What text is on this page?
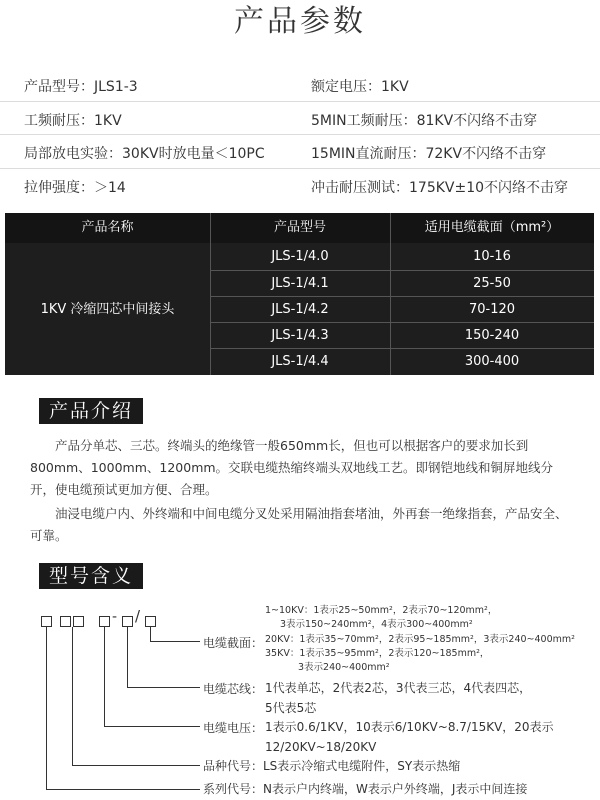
产品参数
产品型号：JLS1-3	额定电压：1KV
工频耐压：1KV	5MIN工频耐压：81KV不闪络不击穿
局部放电实验：30KV时放电量＜10PC	15MIN直流耐压：72KV不闪络不击穿
拉伸强度：＞14	冲击耐压测试：175KV±10不闪络不击穿
产品名称	产品型号	适用电缆截面（mm²）
1KV 冷缩四芯中间接头
JLS-1/4.0	10-16
JLS-1/4.1	25-50
JLS-1/4.2	70-120
JLS-1/4.3	150-240
JLS-1/4.4	300-400
产品介绍

产品分单芯、三芯。终端头的绝缘管一般650mm长，但也可以根据客户的要求加长到800mm、1000mm、1200mm。交联电缆热缩终端头双地线工艺。即钢铠地线和铜屏地线分开，使电缆预试更加方便、合理。

油浸电缆户内、外终端和中间电缆分叉处采用隔油指套堵油，外再套一绝缘指套，产品安全、可靠。

型号含义
- /
电缆截面：
1~10KV：1表示25~50mm²，2表示70~120mm²，
3表示150~240mm²，4表示300~400mm²
20KV：1表示35~70mm²，2表示95~185mm²，3表示240~400mm²
35KV：1表示35~95mm²，2表示120~185mm²，
3表示240~400mm²
电缆芯线： 1代表单芯，2代表2芯，3代表三芯，4代表四芯，
5代表5芯
电缆电压： 1表示0.6/1KV，10表示6/10KV~8.7/15KV，20表示
12/20KV~18/20KV
品种代号：LS表示冷缩式电缆附件，SY表示热缩
系列代号：N表示户内终端，W表示户外终端，J表示中间连接
